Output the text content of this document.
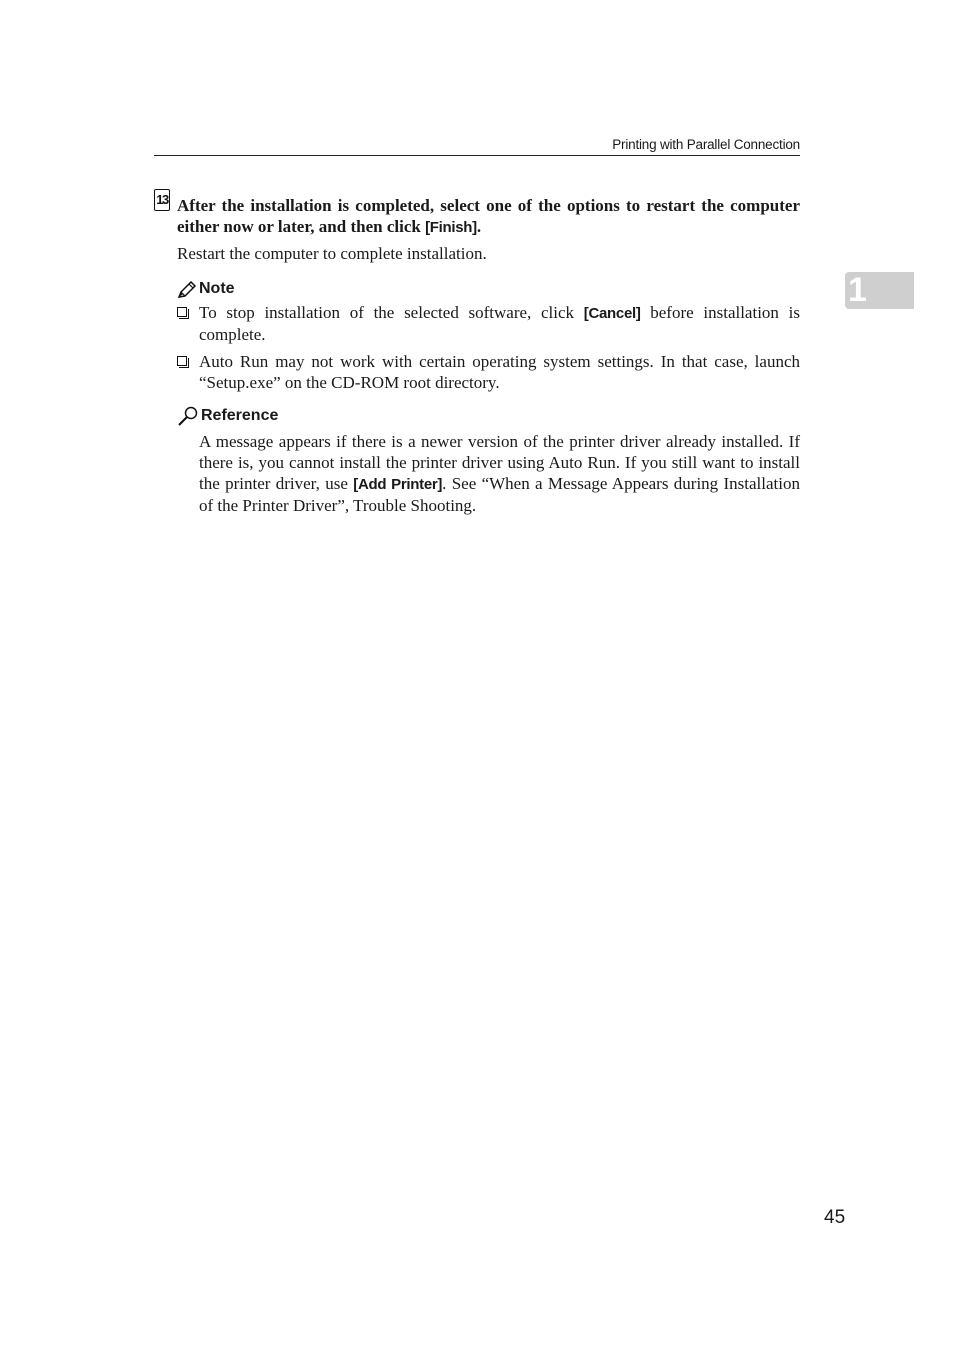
Printing with Parallel Connection
13 After the installation is completed, select one of the options to restart the computer either now or later, and then click [Finish].
Restart the computer to complete installation.
Note
To stop installation of the selected software, click [Cancel] before installation is complete.
Auto Run may not work with certain operating system settings. In that case, launch “Setup.exe” on the CD-ROM root directory.
Reference
A message appears if there is a newer version of the printer driver already installed. If there is, you cannot install the printer driver using Auto Run. If you still want to install the printer driver, use [Add Printer]. See “When a Message Appears during Installation of the Printer Driver”, Trouble Shooting.
1
45
